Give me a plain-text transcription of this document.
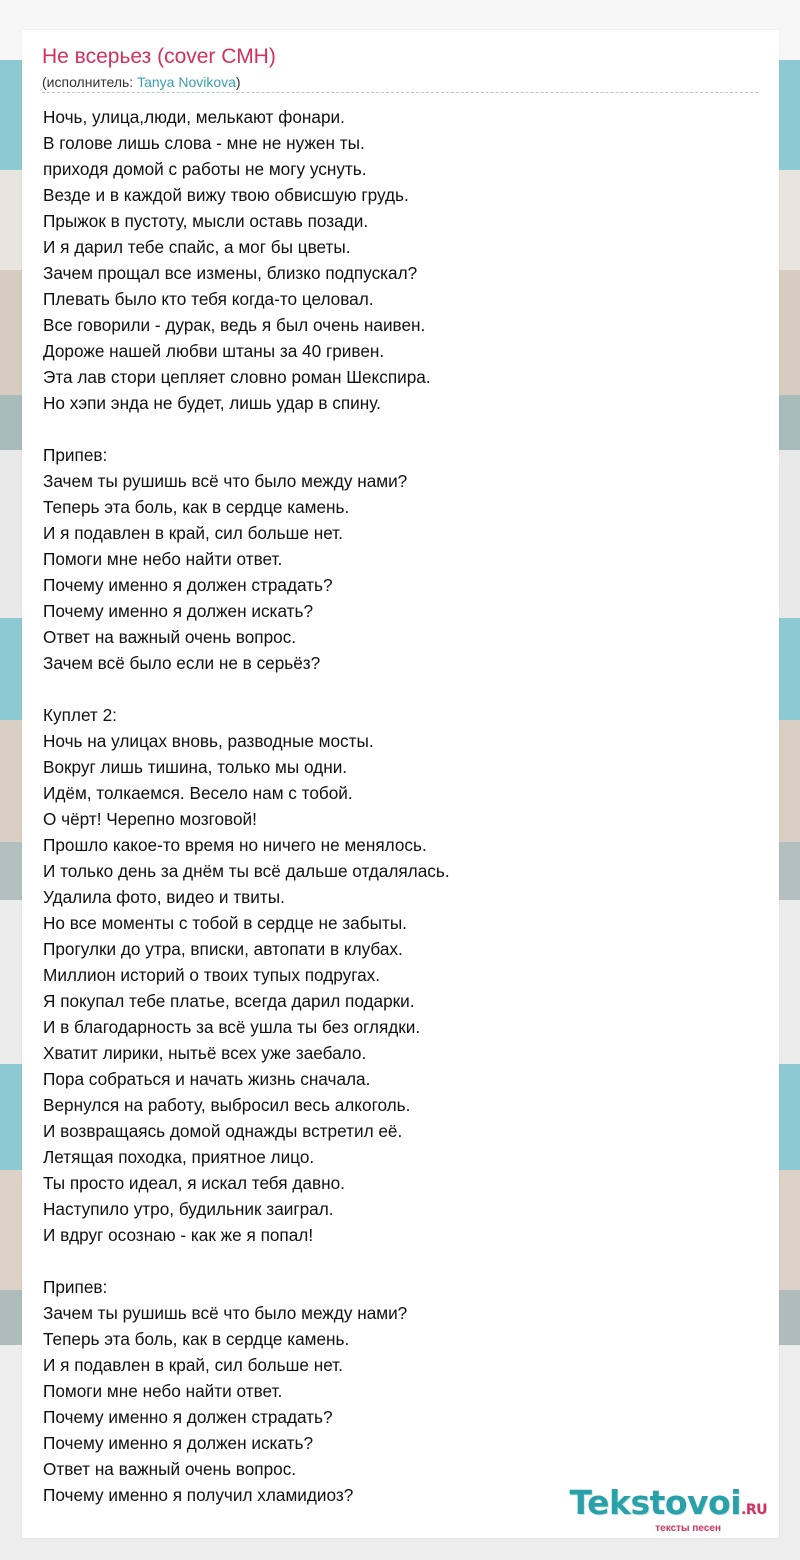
Не всерьез (cover СМН)
(исполнитель: Tanya Novikova)
Ночь, улица,люди, мелькают фонари.
В голове лишь слова - мне не нужен ты.
приходя домой с работы не могу уснуть.
Везде и в каждой вижу твою обвисшую грудь.
Прыжок в пустоту, мысли оставь позади.
И я дарил тебе спайс, а мог бы цветы.
Зачем прощал все измены, близко подпускал?
Плевать было кто тебя когда-то целовал.
Все говорили - дурак, ведь я был очень наивен.
Дороже нашей любви штаны за 40 гривен.
Эта лав стори цепляет словно роман Шекспира.
Но хэпи энда не будет, лишь удар в спину.
Припев:
Зачем ты рушишь всё что было между нами?
Теперь эта боль, как в сердце камень.
И я подавлен в край, сил больше нет.
Помоги мне небо найти ответ.
Почему именно я должен страдать?
Почему именно я должен искать?
Ответ на важный очень вопрос.
Зачем всё было если не в серьёз?
Куплет 2:
Ночь на улицах вновь, разводные мосты.
Вокруг лишь тишина, только мы одни.
Идём, толкаемся. Весело нам с тобой.
О чёрт! Черепно мозговой!
Прошло какое-то время но ничего не менялось.
И только день за днём ты всё дальше отдалялась.
Удалила фото, видео и твиты.
Но все моменты с тобой в сердце не забыты.
Прогулки до утра, вписки, автопати в клубах.
Миллион историй о твоих тупых подругах.
Я покупал тебе платье, всегда дарил подарки.
И в благодарность за всё ушла ты без оглядки.
Хватит лирики, нытьё всех уже заебало.
Пора собраться и начать жизнь сначала.
Вернулся на работу, выбросил весь алкоголь.
И возвращаясь домой однажды встретил её.
Летящая походка, приятное лицо.
Ты просто идеал, я искал тебя давно.
Наступило утро, будильник заиграл.
И вдруг осознаю - как же я попал!
Припев:
Зачем ты рушишь всё что было между нами?
Теперь эта боль, как в сердце камень.
И я подавлен в край, сил больше нет.
Помоги мне небо найти ответ.
Почему именно я должен страдать?
Почему именно я должен искать?
Ответ на важный очень вопрос.
Почему именно я получил хламидиоз?	Tekstovoi.RU
тексты песен
